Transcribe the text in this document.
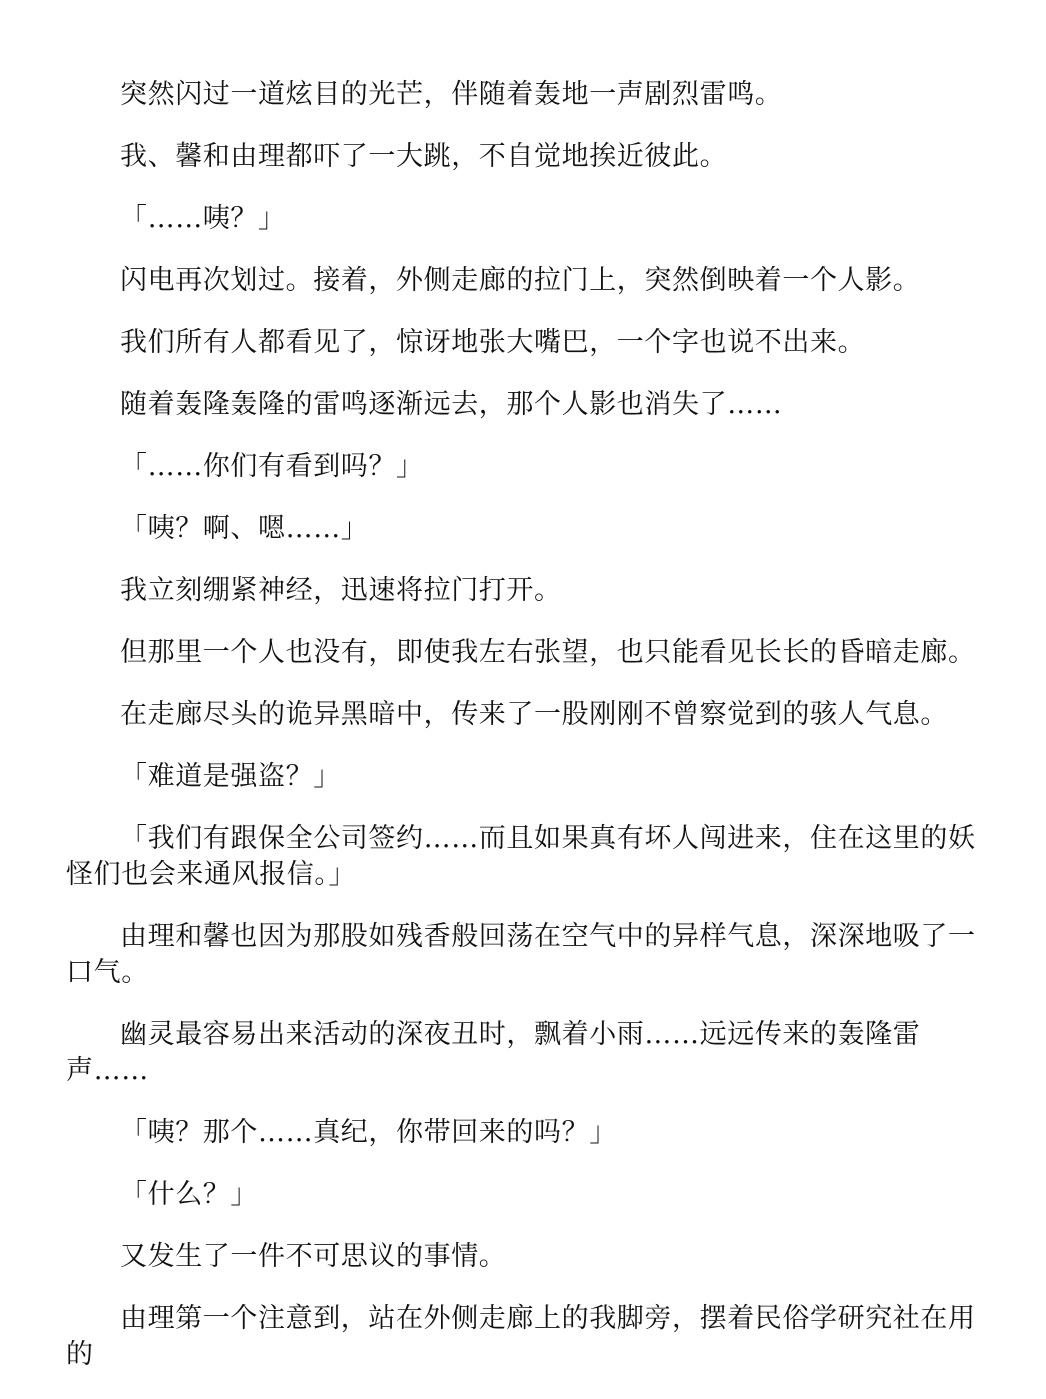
突然闪过一道炫目的光芒，伴随着轰地一声剧烈雷鸣。

我、馨和由理都吓了一大跳，不自觉地挨近彼此。

「……咦？」

闪电再次划过。接着，外侧走廊的拉门上，突然倒映着一个人影。

我们所有人都看见了，惊讶地张大嘴巴，一个字也说不出来。

随着轰隆轰隆的雷鸣逐渐远去，那个人影也消失了……

「……你们有看到吗？」

「咦？啊、嗯……」

我立刻绷紧神经，迅速将拉门打开。

但那里一个人也没有，即使我左右张望，也只能看见长长的昏暗走廊。

在走廊尽头的诡异黑暗中，传来了一股刚刚不曾察觉到的骇人气息。

「难道是强盗？」

「我们有跟保全公司签约……而且如果真有坏人闯进来，住在这里的妖怪们也会来通风报信。」

由理和馨也因为那股如残香般回荡在空气中的异样气息，深深地吸了一口气。

幽灵最容易出来活动的深夜丑时，飘着小雨……远远传来的轰隆雷声……

「咦？那个……真纪，你带回来的吗？」

「什么？」

又发生了一件不可思议的事情。

由理第一个注意到，站在外侧走廊上的我脚旁，摆着民俗学研究社在用的
